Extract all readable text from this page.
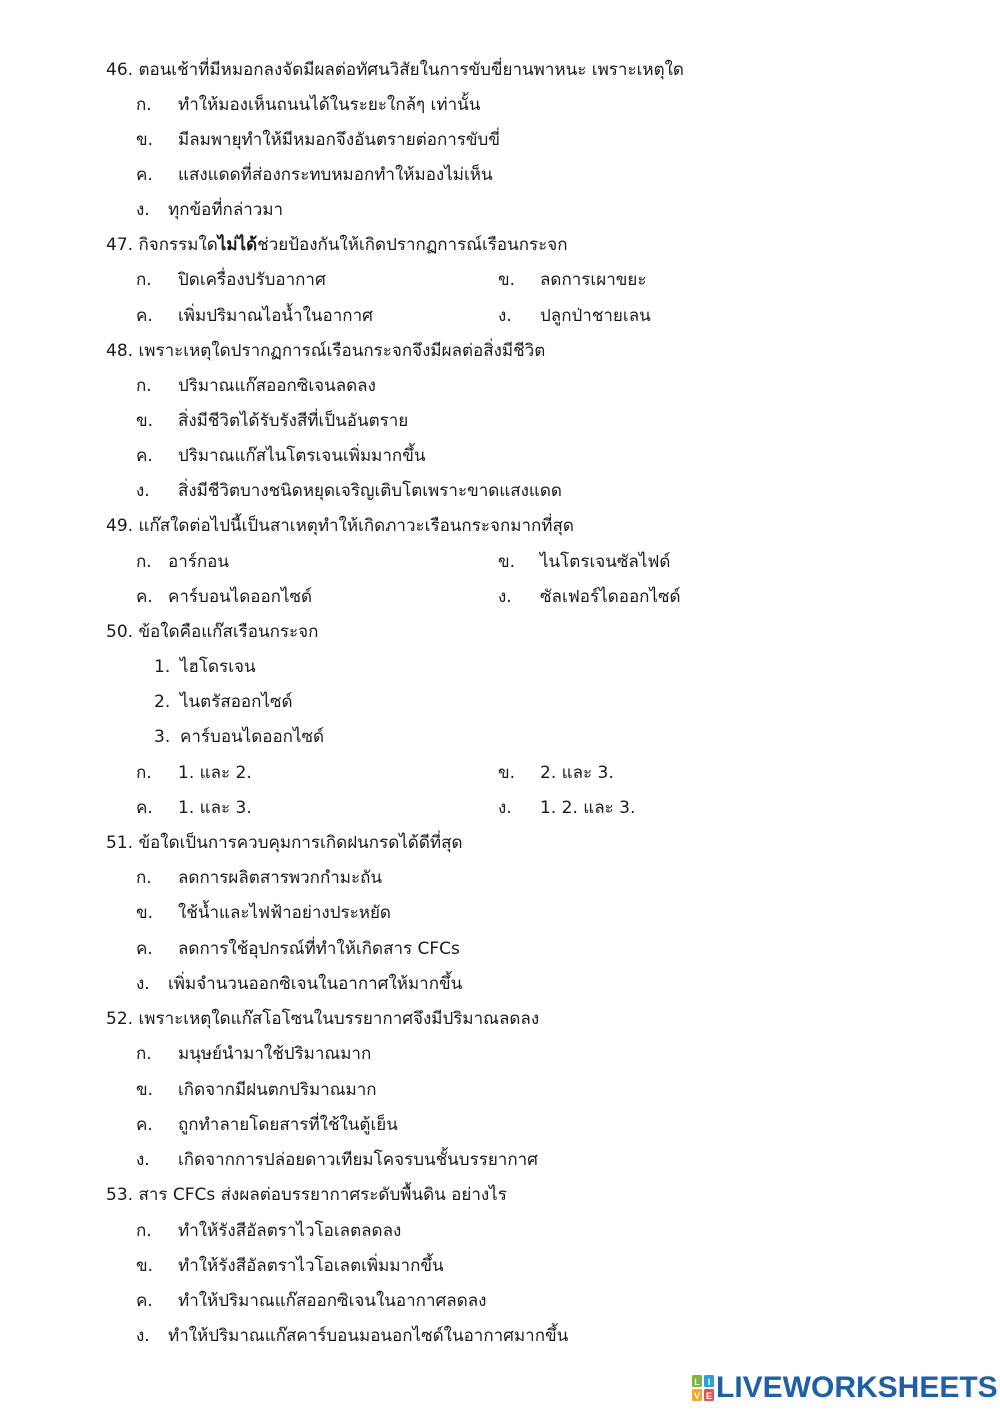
46. ตอนเช้าที่มีหมอกลงจัดมีผลต่อทัศนวิสัยในการขับขี่ยานพาหนะ เพราะเหตุใด
ก. ทำให้มองเห็นถนนได้ในระยะใกล้ๆ เท่านั้น
ข. มีลมพายุทำให้มีหมอกจึงอันตรายต่อการขับขี่
ค. แสงแดดที่ส่องกระทบหมอกทำให้มองไม่เห็น
ง. ทุกข้อที่กล่าวมา
47. กิจกรรมใดไม่ได้ช่วยป้องกันให้เกิดปรากฏการณ์เรือนกระจก
ก. ปิดเครื่องปรับอากาศ	ข. ลดการเผาขยะ
ค. เพิ่มปริมาณไอน้ำในอากาศ	ง. ปลูกป่าชายเลน
48. เพราะเหตุใดปรากฏการณ์เรือนกระจกจึงมีผลต่อสิ่งมีชีวิต
ก. ปริมาณแก๊สออกซิเจนลดลง
ข. สิ่งมีชีวิตได้รับรังสีที่เป็นอันตราย
ค. ปริมาณแก๊สไนโตรเจนเพิ่มมากขึ้น
ง. สิ่งมีชีวิตบางชนิดหยุดเจริญเติบโตเพราะขาดแสงแดด
49. แก๊สใดต่อไปนี้เป็นสาเหตุทำให้เกิดภาวะเรือนกระจกมากที่สุด
ก. อาร์กอน	ข. ไนโตรเจนซัลไฟด์
ค. คาร์บอนไดออกไซด์	ง. ซัลเฟอร์ไดออกไซด์
50. ข้อใดคือแก๊สเรือนกระจก
1. ไฮโดรเจน
2. ไนตรัสออกไซด์
3. คาร์บอนไดออกไซด์
ก. 1. และ 2.	ข. 2. และ 3.
ค. 1. และ 3.	ง.1. 2. และ 3.
51. ข้อใดเป็นการควบคุมการเกิดฝนกรดได้ดีที่สุด
ก. ลดการผลิตสารพวกกำมะถัน
ข. ใช้น้ำและไฟฟ้าอย่างประหยัด
ค. ลดการใช้อุปกรณ์ที่ทำให้เกิดสาร CFCs
ง. เพิ่มจำนวนออกซิเจนในอากาศให้มากขึ้น
52. เพราะเหตุใดแก๊สโอโซนในบรรยากาศจึงมีปริมาณลดลง
ก. มนุษย์นำมาใช้ปริมาณมาก
ข. เกิดจากมีฝนตกปริมาณมาก
ค. ถูกทำลายโดยสารที่ใช้ในตู้เย็น
ง.เกิดจากการปล่อยดาวเทียมโคจรบนชั้นบรรยากาศ
53. สาร CFCs ส่งผลต่อบรรยากาศระดับพื้นดิน อย่างไร
ก. ทำให้รังสีอัลตราไวโอเลตลดลง
ข. ทำให้รังสีอัลตราไวโอเลตเพิ่มมากขึ้น
ค. ทำให้ปริมาณแก๊สออกซิเจนในอากาศลดลง
ง. ทำให้ปริมาณแก๊สคาร์บอนมอนอกไซด์ในอากาศมากขึ้น
L I
V E LIVEWORKSHEETS
